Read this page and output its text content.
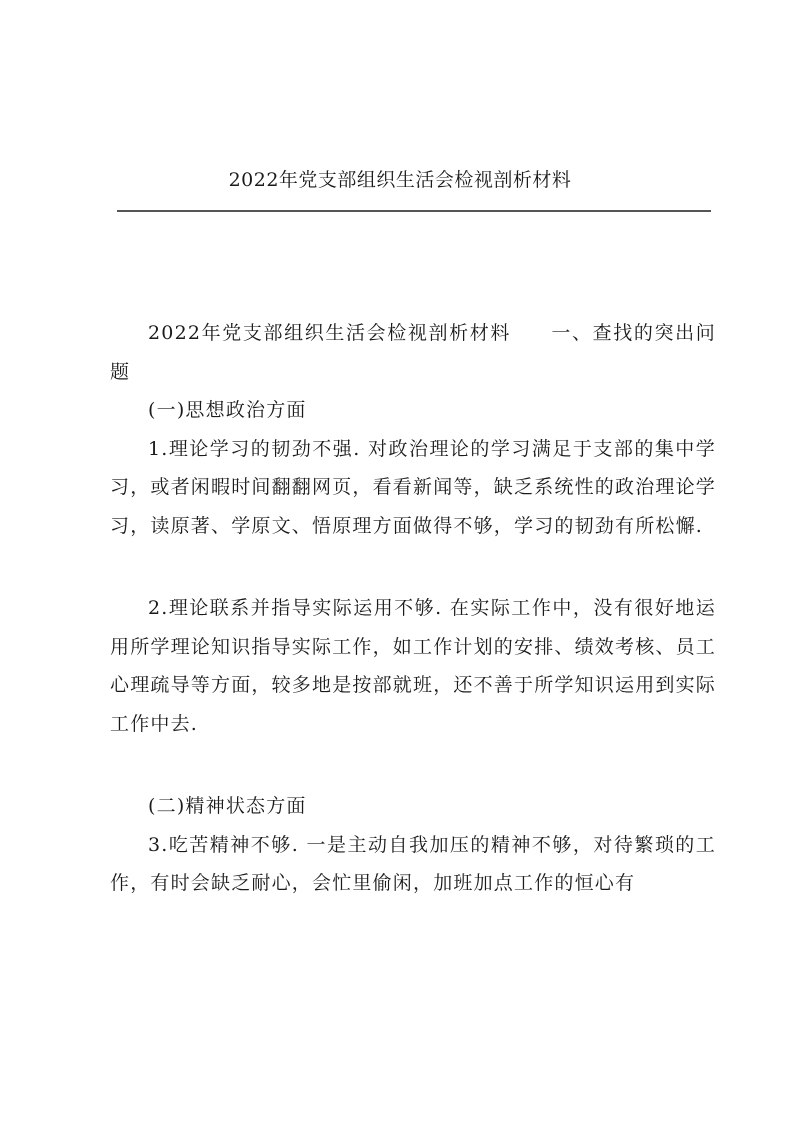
2022年党支部组织生活会检视剖析材料

2022年党支部组织生活会检视剖析材料 一、查找的突出问题

(一)思想政治方面

1.理论学习的韧劲不强. 对政治理论的学习满足于支部的集中学习，或者闲暇时间翻翻网页，看看新闻等，缺乏系统性的政治理论学习，读原著、学原文、悟原理方面做得不够，学习的韧劲有所松懈.

2.理论联系并指导实际运用不够. 在实际工作中，没有很好地运用所学理论知识指导实际工作，如工作计划的安排、绩效考核、员工心理疏导等方面，较多地是按部就班，还不善于所学知识运用到实际工作中去.

(二)精神状态方面

3.吃苦精神不够. 一是主动自我加压的精神不够，对待繁琐的工作，有时会缺乏耐心，会忙里偷闲，加班加点工作的恒心有
